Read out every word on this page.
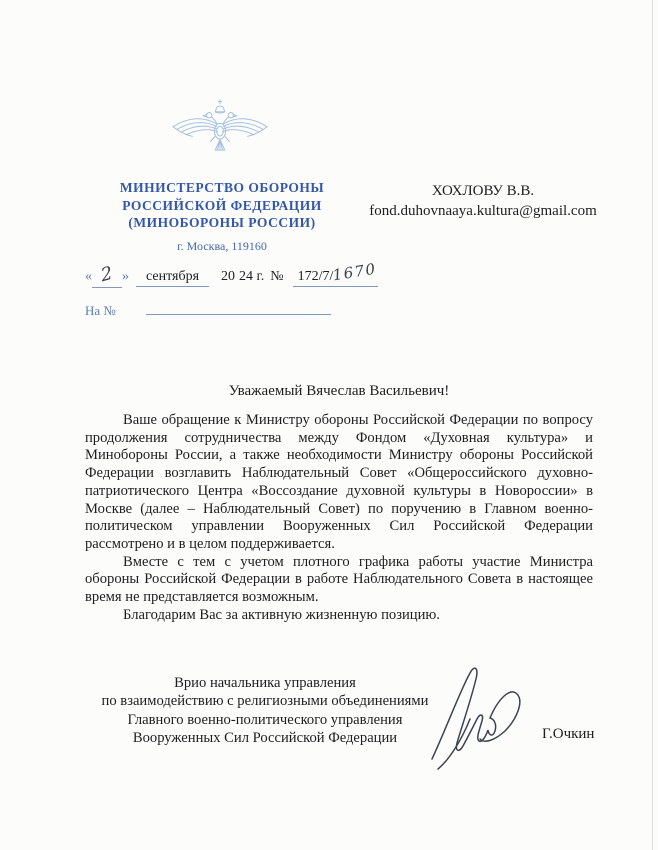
МИНИСТЕРСТВО ОБОРОНЫ
РОССИЙСКОЙ ФЕДЕРАЦИИ
(МИНОБОРОНЫ РОССИИ)
г. Москва, 119160
ХОХЛОВУ В.В.
fond.duhovnaaya.kultura@gmail.com
« 2 » сентября 20 24 г. № 172/7/1670
На №
Уважаемый Вячеслав Васильевич!

Ваше обращение к Министру обороны Российской Федерации по вопросу продолжения сотрудничества между Фондом «Духовная культура» и Минобороны России, а также необходимости Министру обороны Российской Федерации возглавить Наблюдательный Совет «Общероссийского духовно-патриотического Центра «Воссоздание духовной культуры в Новороссии» в Москве (далее – Наблюдательный Совет) по поручению в Главном военно-политическом управлении Вооруженных Сил Российской Федерации рассмотрено и в целом поддерживается.

Вместе с тем с учетом плотного графика работы участие Министра обороны Российской Федерации в работе Наблюдательного Совета в настоящее время не представляется возможным.

Благодарим Вас за активную жизненную позицию.

Врио начальника управления
по взаимодействию с религиозными объединениями
Главного военно-политического управления
Вооруженных Сил Российской Федерации	Г.Очкин
